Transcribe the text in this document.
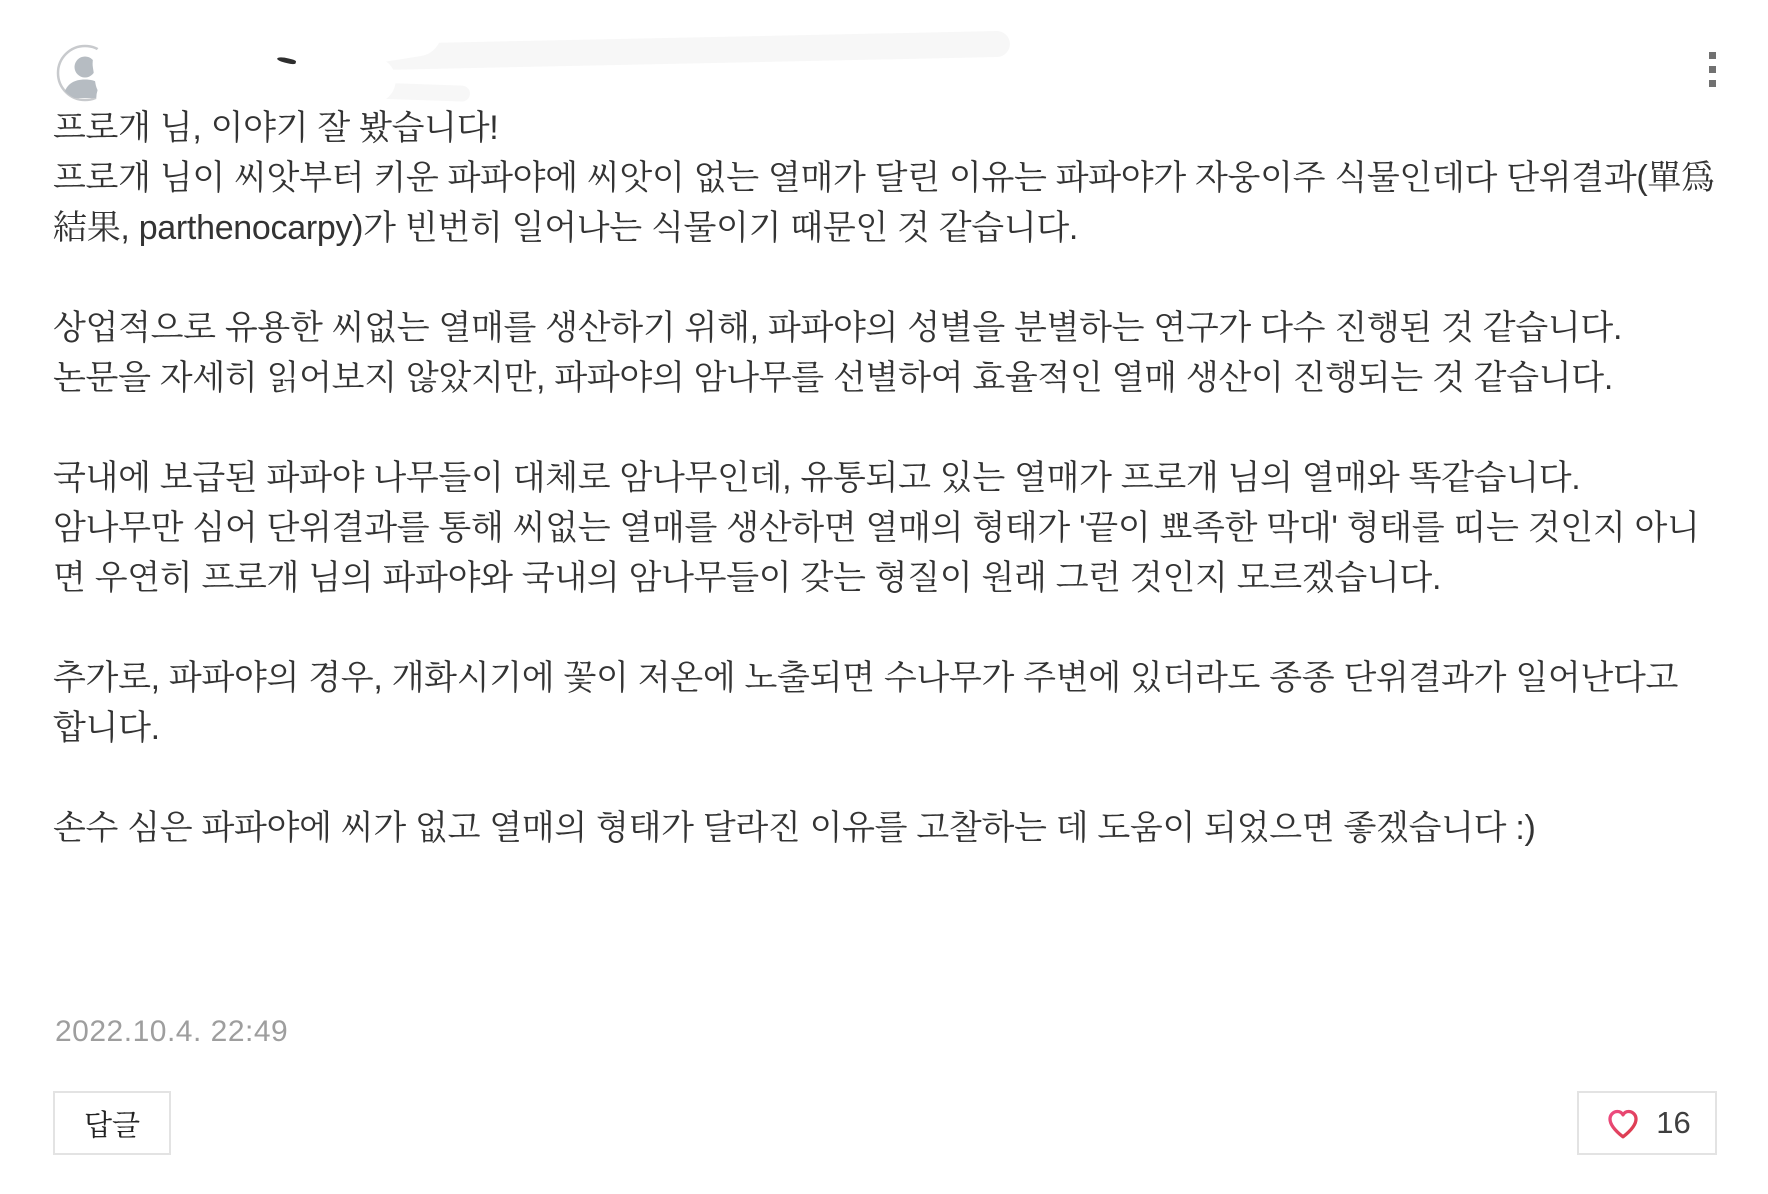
프로개 님, 이야기 잘 봤습니다!
프로개 님이 씨앗부터 키운 파파야에 씨앗이 없는 열매가 달린 이유는 파파야가 자웅이주 식물인데다 단위결과(單爲結果, parthenocarpy)가 빈번히 일어나는 식물이기 때문인 것 같습니다.
상업적으로 유용한 씨없는 열매를 생산하기 위해, 파파야의 성별을 분별하는 연구가 다수 진행된 것 같습니다.
논문을 자세히 읽어보지 않았지만, 파파야의 암나무를 선별하여 효율적인 열매 생산이 진행되는 것 같습니다.
국내에 보급된 파파야 나무들이 대체로 암나무인데, 유통되고 있는 열매가 프로개 님의 열매와 똑같습니다.
암나무만 심어 단위결과를 통해 씨없는 열매를 생산하면 열매의 형태가 '끝이 뾰족한 막대' 형태를 띠는 것인지 아니면 우연히 프로개 님의 파파야와 국내의 암나무들이 갖는 형질이 원래 그런 것인지 모르겠습니다.
추가로, 파파야의 경우, 개화시기에 꽃이 저온에 노출되면 수나무가 주변에 있더라도 종종 단위결과가 일어난다고 합니다.
손수 심은 파파야에 씨가 없고 열매의 형태가 달라진 이유를 고찰하는 데 도움이 되었으면 좋겠습니다 :)
2022.10.4. 22:49
답글	16
